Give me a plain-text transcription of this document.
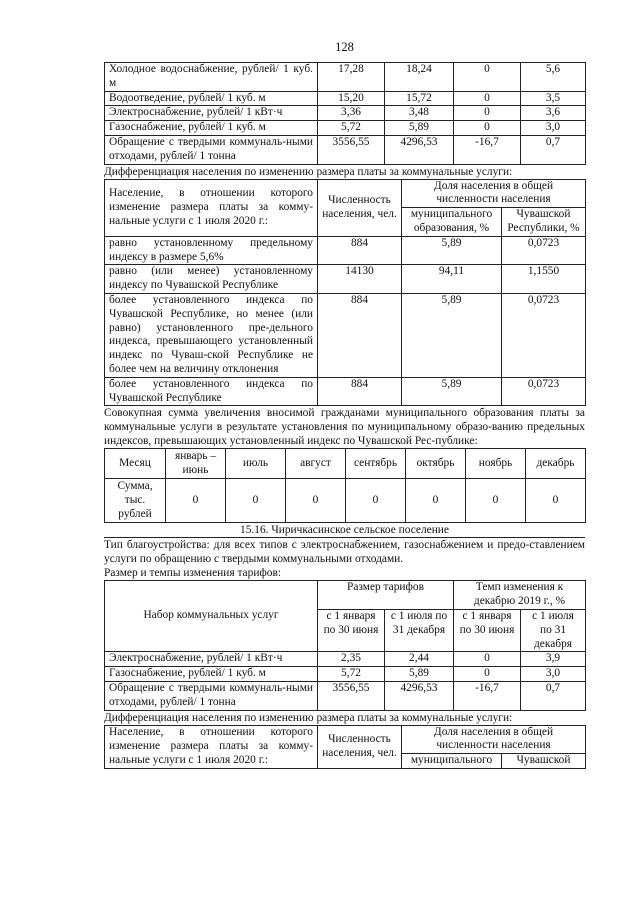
128
Холодное водоснабжение, рублей/ 1 куб. м	17,28	18,24	0	5,6
Водоотведение, рублей/ 1 куб. м	15,20	15,72	0	3,5
Электроснабжение, рублей/ 1 кВт·ч	3,36	3,48	0	3,6
Газоснабжение, рублей/ 1 куб. м	5,72	5,89	0	3,0
Обращение с твердыми коммуналь-ными отходами, рублей/ 1 тонна	3556,55	4296,53	-16,7	0,7
Дифференциация населения по изменению размера платы за коммунальные услуги:
Население, в отношении которого изменение размера платы за комму-нальные услуги с 1 июля 2020 г.:	Численность населения, чел.	Доля населения в общей численности населения	
		муниципального образования, %	Чувашской Республики, %
равно установленному предельному индексу в размере 5,6%	884	5,89	0,0723
равно (или менее) установленному индексу по Чувашской Республике	14130	94,11	1,1550
более установленного индекса по Чувашской Республике, но менее (или равно) установленного пре-дельного индекса, превышающего установленный индекс по Чуваш-ской Республике не более чем на величину отклонения	884	5,89	0,0723
более установленного индекса по Чувашской Республике	884	5,89	0,0723
Совокупная сумма увеличения вносимой гражданами муниципального образования платы за коммунальные услуги в результате установления по муниципальному образо-ванию предельных индексов, превышающих установленный индекс по Чувашской Рес-публике:
Месяц	январь – июнь	июль	август	сентябрь	октябрь	ноябрь	декабрь
Сумма, тыс. рублей	0	0	0	0	0	0	0
15.16. Чиричкасинское сельское поселение
Тип благоустройства: для всех типов с электроснабжением, газоснабжением и предо-ставлением услуги по обращению с твердыми коммунальными отходами.
Размер и темпы изменения тарифов:
Набор коммунальных услуг	Размер тарифов		Темп изменения к декабрю 2019 г., %	
	с 1 января по 30 июня	с 1 июля по 31 декабря	с 1 января по 30 июня	с 1 июля по 31 декабря
Электроснабжение, рублей/ 1 кВт·ч	2,35	2,44	0	3,9
Газоснабжение, рублей/ 1 куб. м	5,72	5,89	0	3,0
Обращение с твердыми коммуналь-ными отходами, рублей/ 1 тонна	3556,55	4296,53	-16,7	0,7
Дифференциация населения по изменению размера платы за коммунальные услуги:
Население, в отношении которого изменение размера платы за комму-нальные услуги с 1 июля 2020 г.:	Численность населения, чел.	Доля населения в общей численности населения	
		муниципального	Чувашской
